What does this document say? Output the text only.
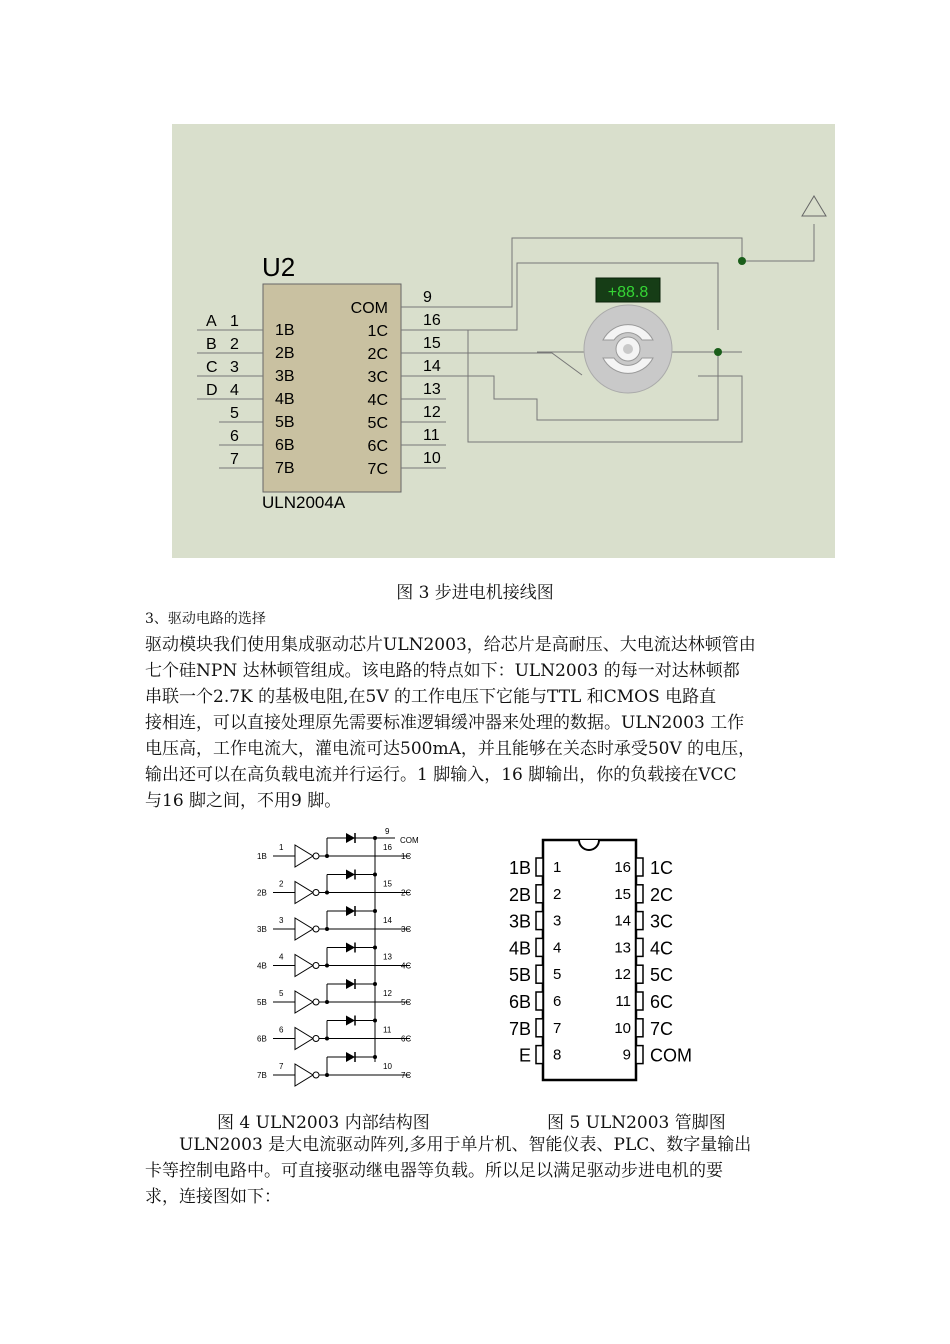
U2
ULN2004A
A 1
1B
B 2
2B
C 3
3B
D 4
4B
5
5B
6
6B
7
7B
COM
9
1C
16
2C
15
3C
14
4C
13
5C
12
6C
11
7C
10
+88.8
图 3 步进电机接线图
3、驱动电路的选择

驱动模块我们使用集成驱动芯片ULN2003，给芯片是高耐压、大电流达林顿管由

七个硅NPN 达林顿管组成。该电路的特点如下：ULN2003 的每一对达林顿都

串联一个2.7K 的基极电阻,在5V 的工作电压下它能与TTL 和CMOS 电路直

接相连，可以直接处理原先需要标准逻辑缓冲器来处理的数据。ULN2003 工作

电压高，工作电流大，灌电流可达500mA，并且能够在关态时承受50V 的电压，

输出还可以在高负载电流并行运行。1 脚输入，16 脚输出，你的负载接在VCC

与16 脚之间，不用9 脚。

9
COM
1B
1	16
1C
2B
2	15
2C
3B
3	14
3C
4B
4	13
4C
5B
5	12
5C
6B
6	11
6C
7B
7	10
7C
1B 1	16 1C
2B 2	15 2C
3B 3	14 3C
4B 4	13 4C
5B 5	12 5C
6B 6	11 6C
7B 7	10 7C
E 8	9 COM
图 4 ULN2003 内部结构图	图 5 ULN2003 管脚图

ULN2003 是大电流驱动阵列,多用于单片机、智能仪表、PLC、数字量输出

卡等控制电路中。可直接驱动继电器等负载。所以足以满足驱动步进电机的要

求，连接图如下：
